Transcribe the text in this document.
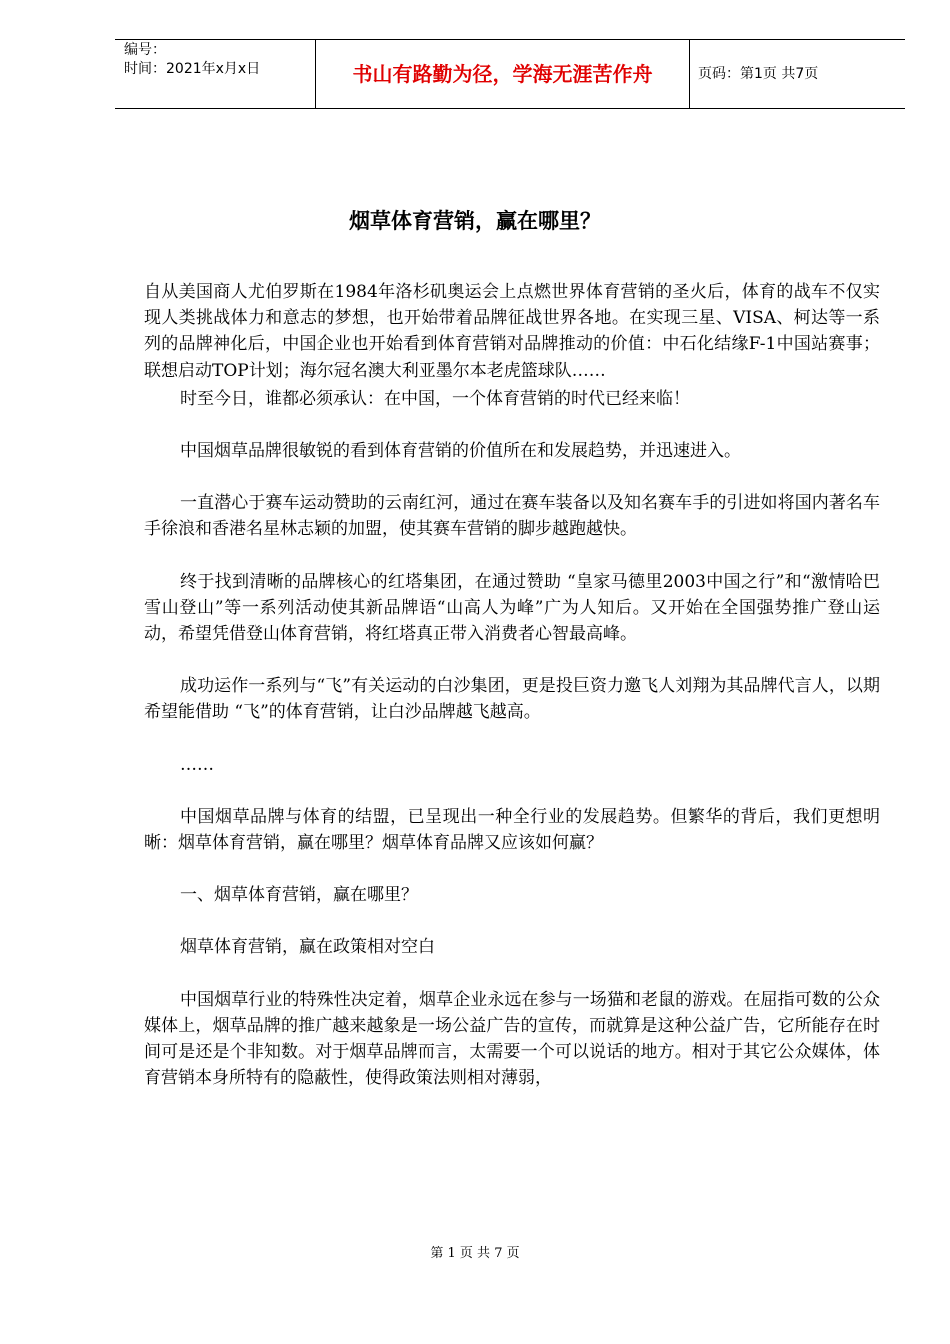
编号：
时间：2021年x月x日	书山有路勤为径，学海无涯苦作舟	页码：第1页 共7页
烟草体育营销，赢在哪里？

自从美国商人尤伯罗斯在1984年洛杉矶奥运会上点燃世界体育营销的圣火后，体育的战车不仅实现人类挑战体力和意志的梦想，也开始带着品牌征战世界各地。在实现三星、VISA、柯达等一系列的品牌神化后，中国企业也开始看到体育营销对品牌推动的价值：中石化结缘F-1中国站赛事；联想启动TOP计划；海尔冠名澳大利亚墨尔本老虎篮球队……

时至今日，谁都必须承认：在中国，一个体育营销的时代已经来临！

中国烟草品牌很敏锐的看到体育营销的价值所在和发展趋势，并迅速进入。

一直潜心于赛车运动赞助的云南红河，通过在赛车装备以及知名赛车手的引进如将国内著名车手徐浪和香港名星林志颖的加盟，使其赛车营销的脚步越跑越快。

终于找到清晰的品牌核心的红塔集团，在通过赞助 “皇家马德里2003中国之行”和“激情哈巴雪山登山”等一系列活动使其新品牌语“山高人为峰”广为人知后。又开始在全国强势推广登山运动，希望凭借登山体育营销，将红塔真正带入消费者心智最高峰。

成功运作一系列与“飞”有关运动的白沙集团，更是投巨资力邀飞人刘翔为其品牌代言人，以期希望能借助 “飞”的体育营销，让白沙品牌越飞越高。

……

中国烟草品牌与体育的结盟，已呈现出一种全行业的发展趋势。但繁华的背后，我们更想明晰：烟草体育营销，赢在哪里？烟草体育品牌又应该如何赢？

一、烟草体育营销，赢在哪里？

烟草体育营销，赢在政策相对空白

中国烟草行业的特殊性决定着，烟草企业永远在参与一场猫和老鼠的游戏。在屈指可数的公众媒体上，烟草品牌的推广越来越象是一场公益广告的宣传，而就算是这种公益广告，它所能存在时间可是还是个非知数。对于烟草品牌而言，太需要一个可以说话的地方。相对于其它公众媒体，体育营销本身所特有的隐蔽性，使得政策法则相对薄弱，

第 1 页 共 7 页
